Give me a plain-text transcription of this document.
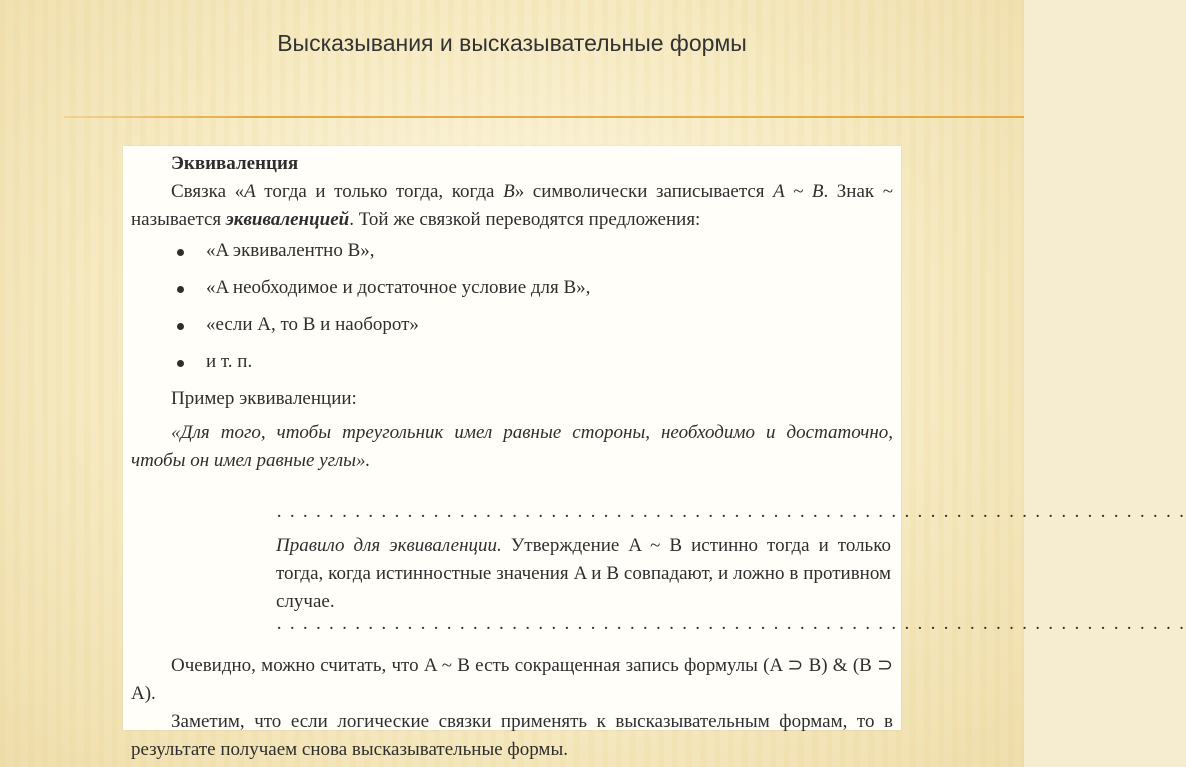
Высказывания и высказывательные формы
Эквиваленция
Связка «A тогда и только тогда, когда B» символически записывается A ~ B. Знак ~ называется эквиваленцией. Той же связкой переводятся предложения:
«A эквивалентно B»,
«A необходимое и достаточное условие для B»,
«если A, то B и наоборот»
и т. п.
Пример эквиваленции:
«Для того, чтобы треугольник имел равные стороны, необходимо и достаточно, чтобы он имел равные углы».
· · · · · · · · · · · · · · · · · · · · · · · · · · · · · · · · · · · · · · · · · · · · · · · · · · · · · · · · · · · · · · · · · · · · · ·
Правило для эквиваленции. Утверждение A ~ B истинно тогда и только тогда, когда истинностные значения A и B совпадают, и ложно в противном случае.
· · · · · · · · · · · · · · · · · · · · · · · · · · · · · · · · · · · · · · · · · · · · · · · · · · · · · · · · · · · · · · · · · · · · · ·
Очевидно, можно считать, что A ~ B есть сокращенная запись формулы (A ⊃ B) & (B ⊃ A).
Заметим, что если логические связки применять к высказывательным формам, то в результате получаем снова высказывательные формы.
